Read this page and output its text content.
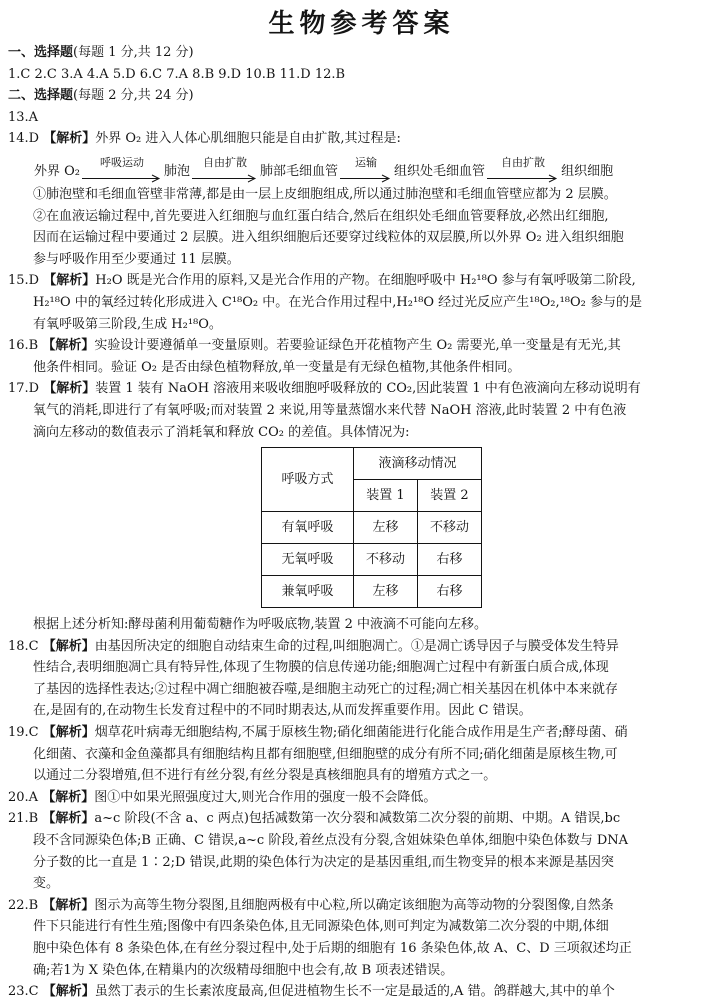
生物参考答案
一、选择题(每题 1 分,共 12 分)
1.C 2.C 3.A 4.A 5.D 6.C 7.A 8.B 9.D 10.B 11.D 12.B
二、选择题(每题 2 分,共 24 分)
13.A
14.D 【解析】外界 O₂ 进入人体心肌细胞只能是自由扩散,其过程是:
外界 O₂
呼吸运动
肺泡
自由扩散
肺部毛细血管
运输
组织处毛细血管
自由扩散
组织细胞
①肺泡壁和毛细血管壁非常薄,都是由一层上皮细胞组成,所以通过肺泡壁和毛细血管壁应都为 2 层膜。
②在血液运输过程中,首先要进入红细胞与血红蛋白结合,然后在组织处毛细血管要释放,必然出红细胞,
因而在运输过程中要通过 2 层膜。进入组织细胞后还要穿过线粒体的双层膜,所以外界 O₂ 进入组织细胞
参与呼吸作用至少要通过 11 层膜。
15.D 【解析】H₂O 既是光合作用的原料,又是光合作用的产物。在细胞呼吸中 H₂¹⁸O 参与有氧呼吸第二阶段,
H₂¹⁸O 中的氧经过转化形成进入 C¹⁸O₂ 中。在光合作用过程中,H₂¹⁸O 经过光反应产生¹⁸O₂,¹⁸O₂ 参与的是
有氧呼吸第三阶段,生成 H₂¹⁸O。
16.B 【解析】实验设计要遵循单一变量原则。若要验证绿色开花植物产生 O₂ 需要光,单一变量是有无光,其
他条件相同。验证 O₂ 是否由绿色植物释放,单一变量是有无绿色植物,其他条件相同。
17.D 【解析】装置 1 装有 NaOH 溶液用来吸收细胞呼吸释放的 CO₂,因此装置 1 中有色液滴向左移动说明有
氧气的消耗,即进行了有氧呼吸;而对装置 2 来说,用等量蒸馏水来代替 NaOH 溶液,此时装置 2 中有色液
滴向左移动的数值表示了消耗氧和释放 CO₂ 的差值。具体情况为:
呼吸方式	液滴移动情况	
	装置 1	装置 2
有氧呼吸	左移	不移动
无氧呼吸	不移动	右移
兼氧呼吸	左移	右移
根据上述分析知:酵母菌利用葡萄糖作为呼吸底物,装置 2 中液滴不可能向左移。
18.C 【解析】由基因所决定的细胞自动结束生命的过程,叫细胞凋亡。①是凋亡诱导因子与膜受体发生特异
性结合,表明细胞凋亡具有特异性,体现了生物膜的信息传递功能;细胞凋亡过程中有新蛋白质合成,体现
了基因的选择性表达;②过程中凋亡细胞被吞噬,是细胞主动死亡的过程;凋亡相关基因在机体中本来就存
在,是固有的,在动物生长发育过程中的不同时期表达,从而发挥重要作用。因此 C 错误。
19.C 【解析】烟草花叶病毒无细胞结构,不属于原核生物;硝化细菌能进行化能合成作用是生产者;酵母菌、硝
化细菌、衣藻和金鱼藻都具有细胞结构且都有细胞壁,但细胞壁的成分有所不同;硝化细菌是原核生物,可
以通过二分裂增殖,但不进行有丝分裂,有丝分裂是真核细胞具有的增殖方式之一。
20.A 【解析】图①中如果光照强度过大,则光合作用的强度一般不会降低。
21.B 【解析】a~c 阶段(不含 a、c 两点)包括减数第一次分裂和减数第二次分裂的前期、中期。A 错误,bc
段不含同源染色体;B 正确、C 错误,a~c 阶段,着丝点没有分裂,含姐妹染色单体,细胞中染色体数与 DNA
分子数的比一直是 1∶2;D 错误,此期的染色体行为决定的是基因重组,而生物变异的根本来源是基因突
变。
22.B 【解析】图示为高等生物分裂图,且细胞两极有中心粒,所以确定该细胞为高等动物的分裂图像,自然条
件下只能进行有性生殖;图像中有四条染色体,且无同源染色体,则可判定为减数第二次分裂的中期,体细
胞中染色体有 8 条染色体,在有丝分裂过程中,处于后期的细胞有 16 条染色体,故 A、C、D 三项叙述均正
确;若1为 X 染色体,在精巢内的次级精母细胞中也会有,故 B 项表述错误。
23.C 【解析】虽然丁表示的生长素浓度最高,但促进植物生长不一定是最适的,A 错。鸽群越大,其中的单个
